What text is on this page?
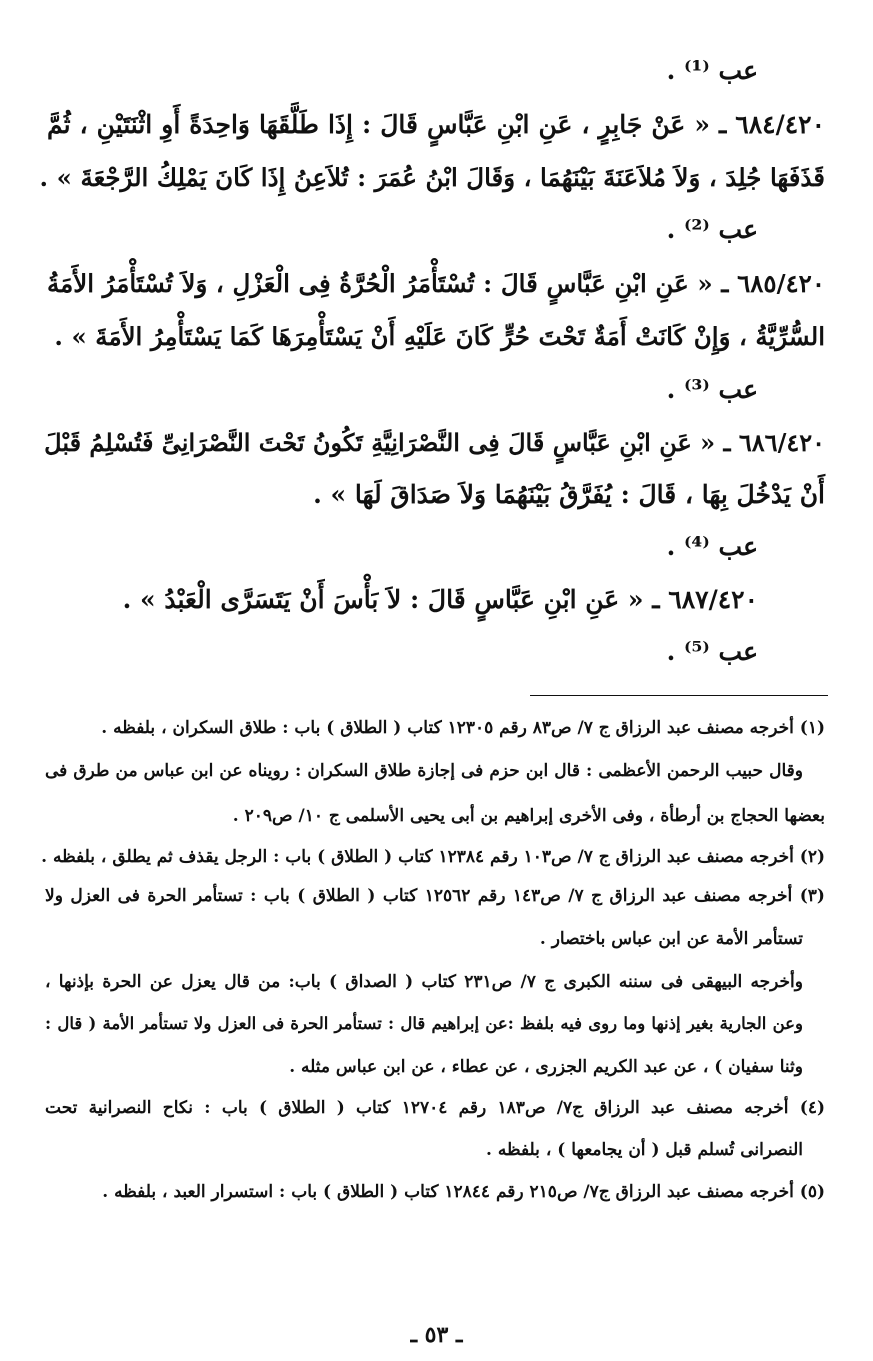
عب ⁽¹⁾ .
٦٨٤/٤٢٠ ـ « عَنْ جَابِرٍ ، عَنِ ابْنِ عَبَّاسٍ قَالَ : إِذَا طَلَّقَهَا وَاحِدَةً أَوِ اثْنَتَيْنِ ، ثُمَّ
قَذَفَهَا جُلِدَ ، وَلاَ مُلاَعَنَةَ بَيْنَهُمَا ، وَقَالَ ابْنُ عُمَرَ : تُلاَعِنُ إِذَا كَانَ يَمْلِكُ الرَّجْعَةَ » .
عب ⁽²⁾ .
٦٨٥/٤٢٠ ـ « عَنِ ابْنِ عَبَّاسٍ قَالَ : تُسْتَأْمَرُ الْحُرَّةُ فِى الْعَزْلِ ، وَلاَ تُسْتَأْمَرُ الأَمَةُ
السُّرِّيَّةُ ، وَإِنْ كَانَتْ أَمَةٌ تَحْتَ حُرٍّ كَانَ عَلَيْهِ أَنْ يَسْتَأْمِرَهَا كَمَا يَسْتَأْمِرُ الأَمَةَ » .
عب ⁽³⁾ .
٦٨٦/٤٢٠ ـ « عَنِ ابْنِ عَبَّاسٍ قَالَ فِى النَّصْرَانِيَّةِ تَكُونُ تَحْتَ النَّصْرَانِىِّ فَتُسْلِمُ قَبْلَ
أَنْ يَدْخُلَ بِهَا ، قَالَ : يُفَرَّقُ بَيْنَهُمَا وَلاَ صَدَاقَ لَهَا » .
عب ⁽⁴⁾ .
٦٨٧/٤٢٠ ـ « عَنِ ابْنِ عَبَّاسٍ قَالَ : لاَ بَأْسَ أَنْ يَتَسَرَّى الْعَبْدُ » .
عب ⁽⁵⁾ .
(١) أخرجه مصنف عبد الرزاق ج ٧/ ص٨٣ رقم ١٢٣٠٥ كتاب ( الطلاق ) باب : طلاق السكران ، بلفظه .
وقال حبيب الرحمن الأعظمى : قال ابن حزم فى إجازة طلاق السكران : رويناه عن ابن عباس من طرق فى
بعضها الحجاج بن أرطأة ، وفى الأخرى إبراهيم بن أبى يحيى الأسلمى ج ١٠/ ص٢٠٩ .
(٢) أخرجه مصنف عبد الرزاق ج ٧/ ص١٠٣ رقم ١٢٣٨٤ كتاب ( الطلاق ) باب : الرجل يقذف ثم يطلق ، بلفظه .
(٣) أخرجه مصنف عبد الرزاق ج ٧/ ص١٤٣ رقم ١٢٥٦٢ كتاب ( الطلاق ) باب : تستأمر الحرة فى العزل ولا
تستأمر الأمة عن ابن عباس باختصار .
وأخرجه البيهقى فى سننه الكبرى ج ٧/ ص٢٣١ كتاب ( الصداق ) باب: من قال يعزل عن الحرة بإذنها ،
وعن الجارية بغير إذنها وما روى فيه بلفظ :عن إبراهيم قال : تستأمر الحرة فى العزل ولا تستأمر الأمة ( قال :
وثنا سفيان ) ، عن عبد الكريم الجزرى ، عن عطاء ، عن ابن عباس مثله .
(٤) أخرجه مصنف عبد الرزاق ج٧/ ص١٨٣ رقم ١٢٧٠٤ كتاب ( الطلاق ) باب : نكاح النصرانية تحت
النصرانى تُسلم قبل ( أن يجامعها ) ، بلفظه .
(٥) أخرجه مصنف عبد الرزاق ج٧/ ص٢١٥ رقم ١٢٨٤٤ كتاب ( الطلاق ) باب : استسرار العبد ، بلفظه .
ـ ٥٣ ـ
